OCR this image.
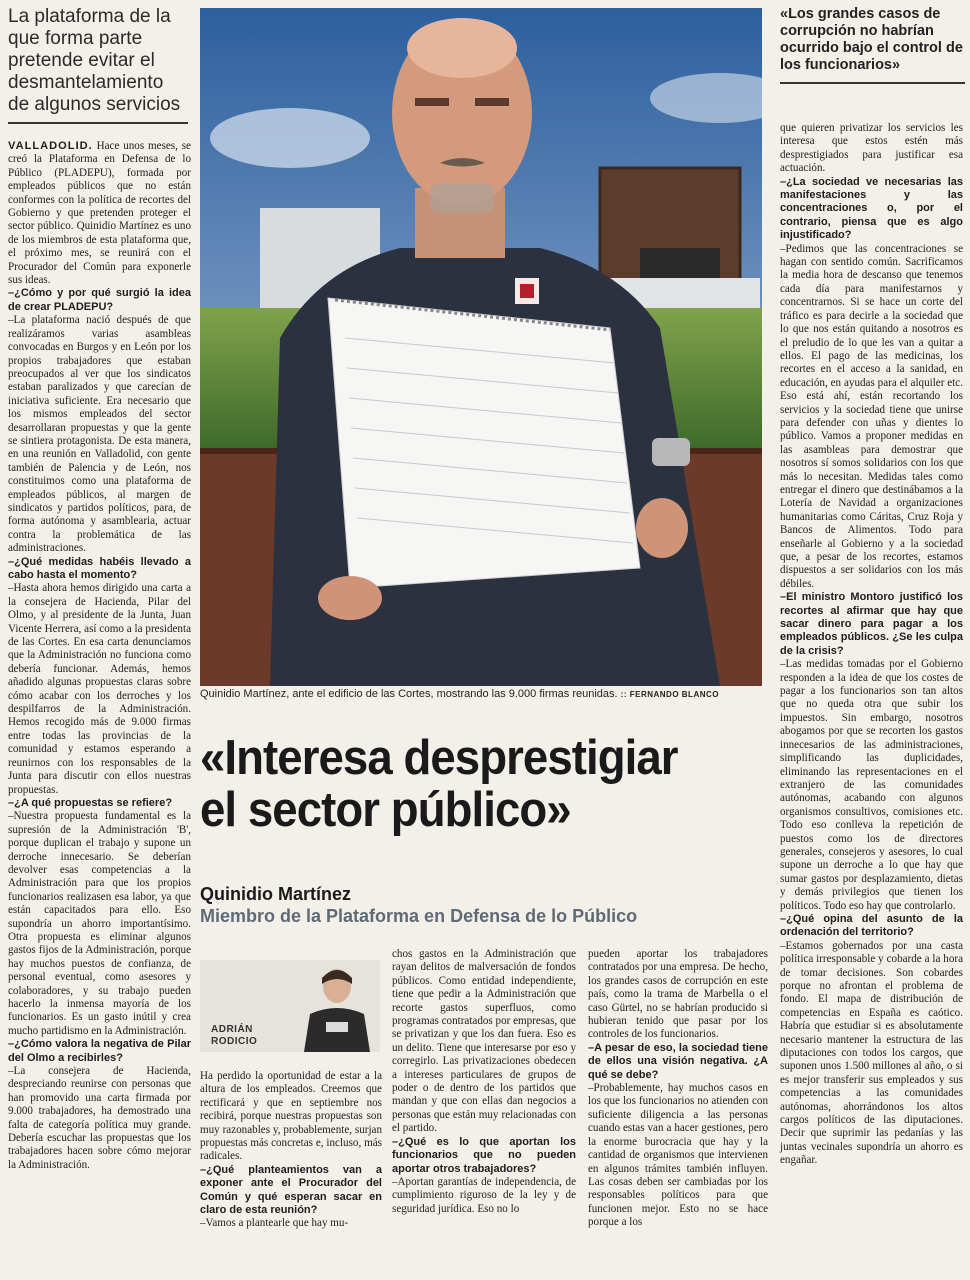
La plataforma de la que forma parte pretende evitar el desmantelamiento de algunos servicios

VALLADOLID. Hace unos meses, se creó la Plataforma en Defensa de lo Público (PLADEPU), formada por empleados públicos que no están conformes con la política de recortes del Gobierno y que pretenden proteger el sector público. Quinidio Martínez es uno de los miembros de esta plataforma que, el próximo mes, se reunirá con el Procurador del Común para exponerle sus ideas.

–¿Cómo y por qué surgió la idea de crear PLADEPU?

–La plataforma nació después de que realizáramos varias asambleas convocadas en Burgos y en León por los propios trabajadores que estaban preocupados al ver que los sindicatos estaban paralizados y que carecían de iniciativa suficiente. Era necesario que los mismos empleados del sector desarrollaran propuestas y que la gente se sintiera protagonista. De esta manera, en una reunión en Valladolid, con gente también de Palencia y de León, nos constituimos como una plataforma de empleados públicos, al margen de sindicatos y partidos políticos, para, de forma autónoma y asamblearia, actuar contra la problemática de las administraciones.

–¿Qué medidas habéis llevado a cabo hasta el momento?

–Hasta ahora hemos dirigido una carta a la consejera de Hacienda, Pilar del Olmo, y al presidente de la Junta, Juan Vicente Herrera, así como a la presidenta de las Cortes. En esa carta denunciamos que la Administración no funciona como debería funcionar. Además, hemos añadido algunas propuestas claras sobre cómo acabar con los derroches y los despilfarros de la Administración. Hemos recogido más de 9.000 firmas entre todas las provincias de la comunidad y estamos esperando a reunirnos con los responsables de la Junta para discutir con ellos nuestras propuestas.

–¿A qué propuestas se refiere?

–Nuestra propuesta fundamental es la supresión de la Administración 'B', porque duplican el trabajo y supone un derroche innecesario. Se deberían devolver esas competencias a la Administración para que los propios funcionarios realizasen esa labor, ya que están capacitados para ello. Eso supondría un ahorro importantísimo. Otra propuesta es eliminar algunos gastos fijos de la Administración, porque hay muchos puestos de confianza, de personal eventual, como asesores y colaboradores, y su trabajo pueden hacerlo la inmensa mayoría de los funcionarios. Es un gasto inútil y crea mucho partidismo en la Administración.

–¿Cómo valora la negativa de Pilar del Olmo a recibirles?

–La consejera de Hacienda, despreciando reunirse con personas que han promovido una carta firmada por 9.000 trabajadores, ha demostrado una falta de categoría política muy grande. Debería escuchar las propuestas que los trabajadores hacen sobre cómo mejorar la Administración.

Quinidio Martínez, ante el edificio de las Cortes, mostrando las 9.000 firmas reunidas. :: FERNANDO BLANCO
«Los grandes casos de corrupción no habrían ocurrido bajo el control de los funcionarios»
«Interesa desprestigiar el sector público»
Quinidio Martínez
Miembro de la Plataforma en Defensa de lo Público
ADRIÁN
RODICIO

Ha perdido la oportunidad de estar a la altura de los empleados. Creemos que rectificará y que en septiembre nos recibirá, porque nuestras propuestas son muy razonables y, probablemente, surjan propuestas más concretas e, incluso, más radicales.

–¿Qué planteamientos van a exponer ante el Procurador del Común y qué esperan sacar en claro de esta reunión?

–Vamos a plantearle que hay mu-

chos gastos en la Administración que rayan delitos de malversación de fondos públicos. Como entidad independiente, tiene que pedir a la Administración que recorte gastos superfluos, como programas contratados por empresas, que se privatizan y que los dan fuera. Eso es un delito. Tiene que interesarse por eso y corregirlo. Las privatizaciones obedecen a intereses particulares de grupos de poder o de dentro de los partidos que mandan y que con ellas dan negocios a personas que están muy relacionadas con el partido.

–¿Qué es lo que aportan los funcionarios que no pueden aportar otros trabajadores?

–Aportan garantías de independencia, de cumplimiento riguroso de la ley y de seguridad jurídica. Eso no lo

pueden aportar los trabajadores contratados por una empresa. De hecho, los grandes casos de corrupción en este país, como la trama de Marbella o el caso Gürtel, no se habrían producido si hubieran tenido que pasar por los controles de los funcionarios.

–A pesar de eso, la sociedad tiene de ellos una visión negativa. ¿A qué se debe?

–Probablemente, hay muchos casos en los que los funcionarios no atienden con suficiente diligencia a las personas cuando estas van a hacer gestiones, pero la enorme burocracia que hay y la cantidad de organismos que intervienen en algunos trámites también influyen. Las cosas deben ser cambiadas por los responsables políticos para que funcionen mejor. Esto no se hace porque a los

que quieren privatizar los servicios les interesa que estos estén más desprestigiados para justificar esa actuación.

–¿La sociedad ve necesarias las manifestaciones y las concentraciones o, por el contrario, piensa que es algo injustificado?

–Pedimos que las concentraciones se hagan con sentido común. Sacrificamos la media hora de descanso que tenemos cada día para manifestarnos y concentrarnos. Si se hace un corte del tráfico es para decirle a la sociedad que lo que nos están quitando a nosotros es el preludio de lo que les van a quitar a ellos. El pago de las medicinas, los recortes en el acceso a la sanidad, en educación, en ayudas para el alquiler etc. Eso está ahí, están recortando los servicios y la sociedad tiene que unirse para defender con uñas y dientes lo público. Vamos a proponer medidas en las asambleas para demostrar que nosotros sí somos solidarios con los que más lo necesitan. Medidas tales como entregar el dinero que destinábamos a la Lotería de Navidad a organizaciones humanitarias como Cáritas, Cruz Roja y Bancos de Alimentos. Todo para enseñarle al Gobierno y a la sociedad que, a pesar de los recortes, estamos dispuestos a ser solidarios con los más débiles.

–El ministro Montoro justificó los recortes al afirmar que hay que sacar dinero para pagar a los empleados públicos. ¿Se les culpa de la crisis?

–Las medidas tomadas por el Gobierno responden a la idea de que los costes de pagar a los funcionarios son tan altos que no queda otra que subir los impuestos. Sin embargo, nosotros abogamos por que se recorten los gastos innecesarios de las administraciones, simplificando las duplicidades, eliminando las representaciones en el extranjero de las comunidades autónomas, acabando con algunos organismos consultivos, comisiones etc. Todo eso conlleva la repetición de puestos como los de directores generales, consejeros y asesores, lo cual supone un derroche a lo que hay que sumar gastos por desplazamiento, dietas y demás privilegios que tienen los políticos. Todo eso hay que controlarlo.

–¿Qué opina del asunto de la ordenación del territorio?

–Estamos gobernados por una casta política irresponsable y cobarde a la hora de tomar decisiones. Son cobardes porque no afrontan el problema de fondo. El mapa de distribución de competencias en España es caótico. Habría que estudiar si es absolutamente necesario mantener la estructura de las diputaciones con todos los cargos, que suponen unos 1.500 millones al año, o si es mejor transferir sus empleados y sus competencias a las comunidades autónomas, ahorrándonos los altos cargos políticos de las diputaciones. Decir que suprimir las pedanías y las juntas vecinales supondría un ahorro es engañar.
